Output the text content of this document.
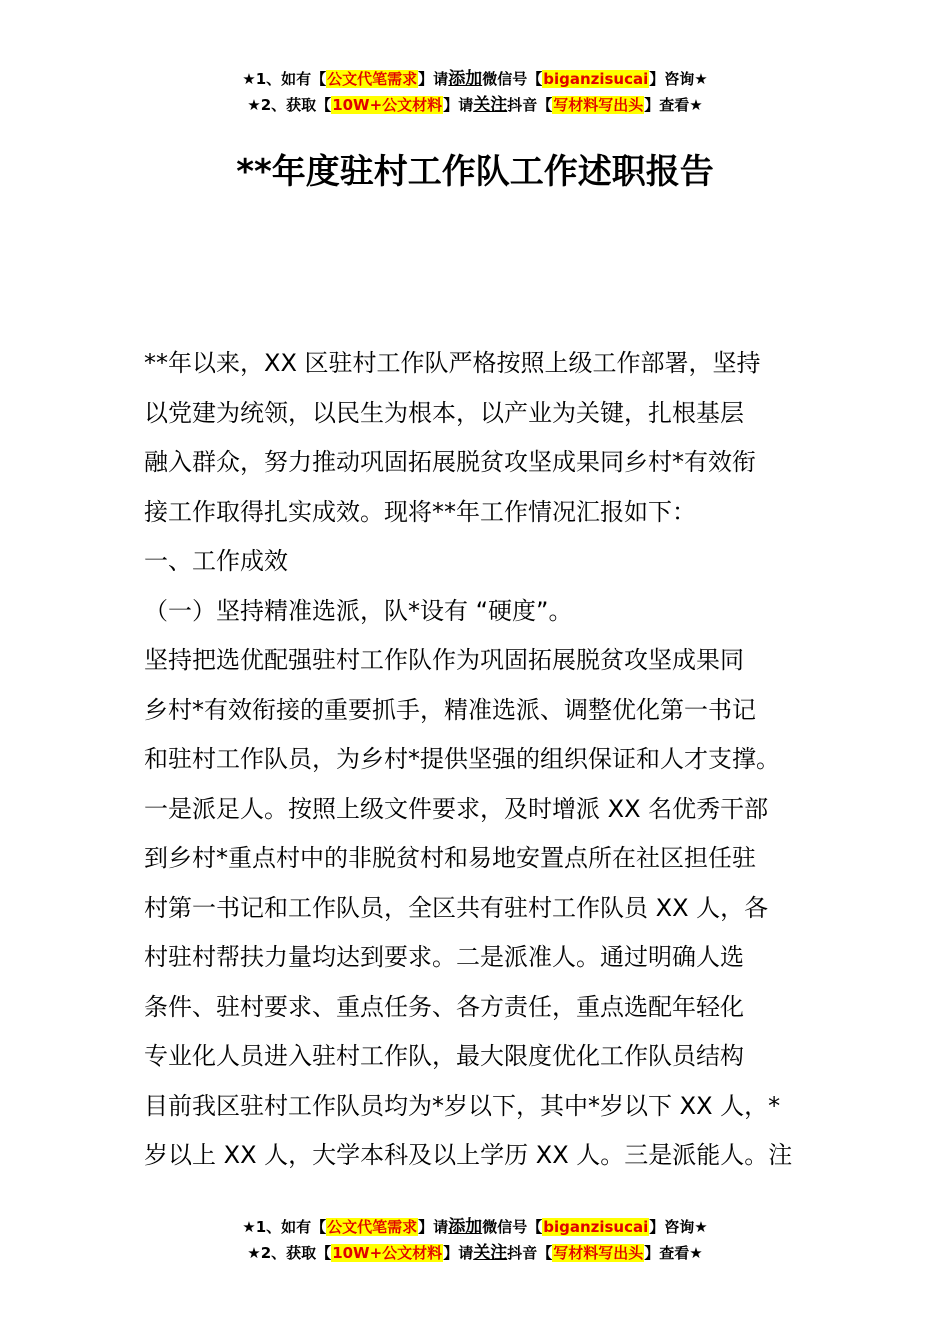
★1、如有【公文代笔需求】请添加微信号【biganzisucai】咨询★
★2、获取【10W+公文材料】请关注抖音【写材料写出头】查看★
**年度驻村工作队工作述职报告
**年以来，XX 区驻村工作队严格按照上级工作部署，坚持
以党建为统领，以民生为根本，以产业为关键，扎根基层
融入群众，努力推动巩固拓展脱贫攻坚成果同乡村*有效衔
接工作取得扎实成效。现将**年工作情况汇报如下：
一、工作成效
（一）坚持精准选派，队*设有 “硬度”。
坚持把选优配强驻村工作队作为巩固拓展脱贫攻坚成果同
乡村*有效衔接的重要抓手，精准选派、调整优化第一书记
和驻村工作队员，为乡村*提供坚强的组织保证和人才支撑。
一是派足人。按照上级文件要求，及时增派 XX 名优秀干部
到乡村*重点村中的非脱贫村和易地安置点所在社区担任驻
村第一书记和工作队员，全区共有驻村工作队员 XX 人，各
村驻村帮扶力量均达到要求。二是派准人。通过明确人选
条件、驻村要求、重点任务、各方责任，重点选配年轻化
专业化人员进入驻村工作队，最大限度优化工作队员结构
目前我区驻村工作队员均为*岁以下，其中*岁以下 XX 人，*
岁以上 XX 人，大学本科及以上学历 XX 人。三是派能人。注
★1、如有【公文代笔需求】请添加微信号【biganzisucai】咨询★
★2、获取【10W+公文材料】请关注抖音【写材料写出头】查看★
